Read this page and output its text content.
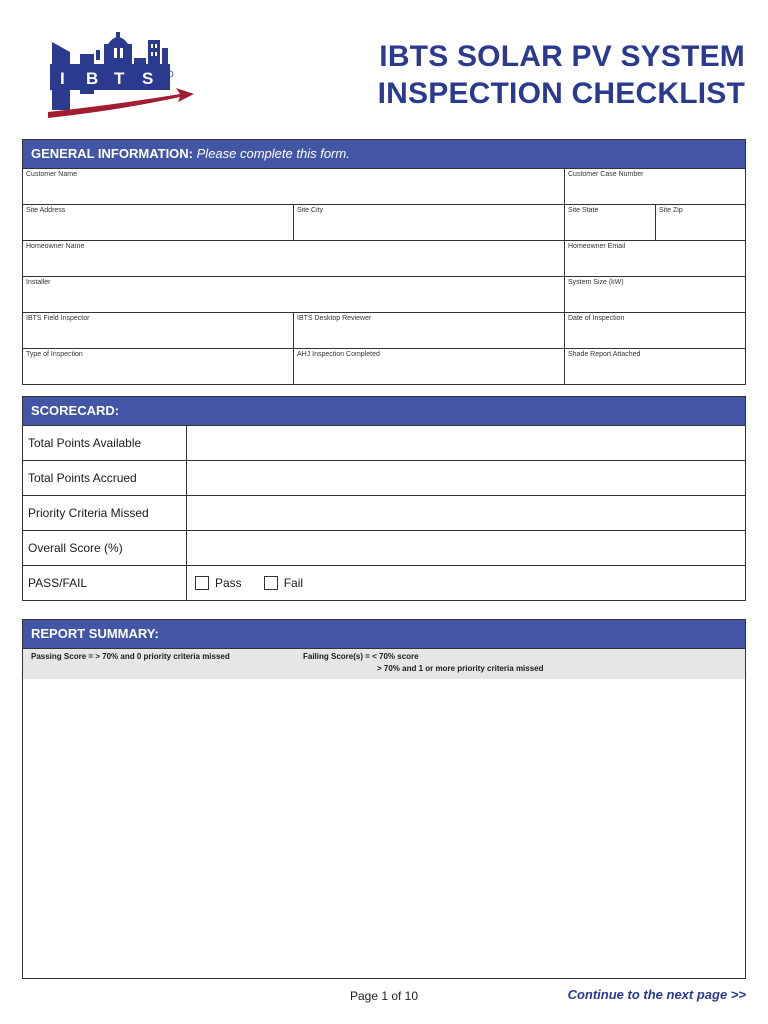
I B T S
IBTS SOLAR PV SYSTEM
INSPECTION CHECKLIST
GENERAL INFORMATION: Please complete this form.
Customer Name	Customer Case Number
Site Address	Site City	Site State	Site Zip
Homeowner Name	Homeowner Email
Installer	System Size (kW)
IBTS Field Inspector	IBTS Desktop Reviewer	Date of Inspection
Type of Inspection	AHJ Inspection Completed	Shade Report Attached
SCORECARD:
Total Points Available
Total Points Accrued
Priority Criteria Missed
Overall Score (%)
PASS/FAIL	Pass	Fail
REPORT SUMMARY:
Passing Score = > 70% and 0 priority criteria missed	Failing Score(s) = < 70% score
> 70% and 1 or more priority criteria missed
Page 1 of 10	Continue to the next page >>
